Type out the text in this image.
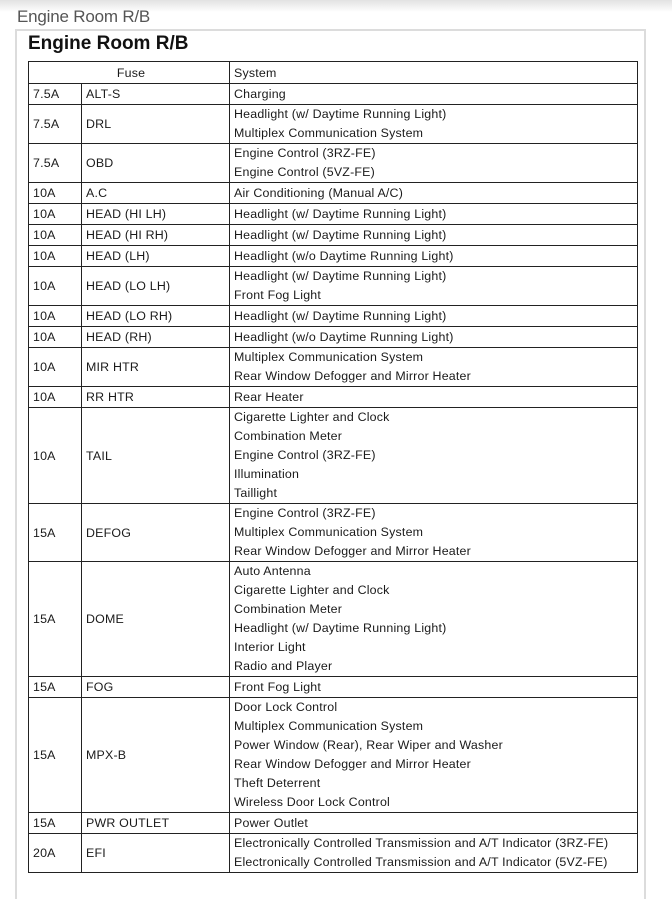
Engine Room R/B
Engine Room R/B
Fuse		System
7.5A	ALT-S	Charging

7.5A	DRL	Headlight (w/ Daytime Running Light)
Multiplex Communication System

7.5A	OBD	Engine Control (3RZ-FE)
Engine Control (5VZ-FE)

10A	A.C	Air Conditioning (Manual A/C)

10A	HEAD (HI LH)	Headlight (w/ Daytime Running Light)

10A	HEAD (HI RH)	Headlight (w/ Daytime Running Light)

10A	HEAD (LH)	Headlight (w/o Daytime Running Light)

10A	HEAD (LO LH)	Headlight (w/ Daytime Running Light)
Front Fog Light

10A	HEAD (LO RH)	Headlight (w/ Daytime Running Light)

10A	HEAD (RH)	Headlight (w/o Daytime Running Light)

10A	MIR HTR	Multiplex Communication System
Rear Window Defogger and Mirror Heater

10A	RR HTR	Rear Heater

10A	TAIL	Cigarette Lighter and Clock
Combination Meter
Engine Control (3RZ-FE)
Illumination
Taillight

15A	DEFOG	Engine Control (3RZ-FE)
Multiplex Communication System
Rear Window Defogger and Mirror Heater

15A	DOME	
Auto Antenna
Cigarette Lighter and Clock
Combination Meter
Headlight (w/ Daytime Running Light)
Interior Light
Radio and Player

15A	FOG	Front Fog Light

15A	MPX-B	
Door Lock Control
Multiplex Communication System
Power Window (Rear), Rear Wiper and Washer
Rear Window Defogger and Mirror Heater
Theft Deterrent
Wireless Door Lock Control

15A	PWR OUTLET	Power Outlet

20A	EFI	Electronically Controlled Transmission and A/T Indicator (3RZ-FE)
Electronically Controlled Transmission and A/T Indicator (5VZ-FE)
